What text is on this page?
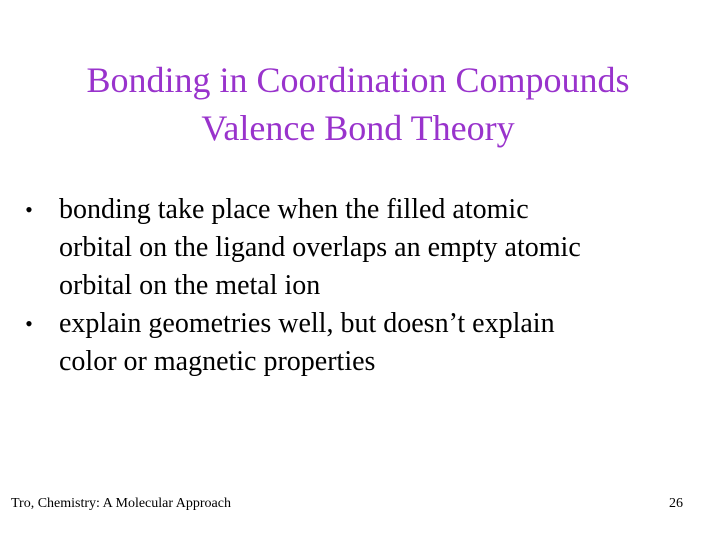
Bonding in Coordination Compounds
Valence Bond Theory
• bonding take place when the filled atomic
orbital on the ligand overlaps an empty atomic
orbital on the metal ion
• explain geometries well, but doesn’t explain
color or magnetic properties
Tro, Chemistry: A Molecular Approach	26
